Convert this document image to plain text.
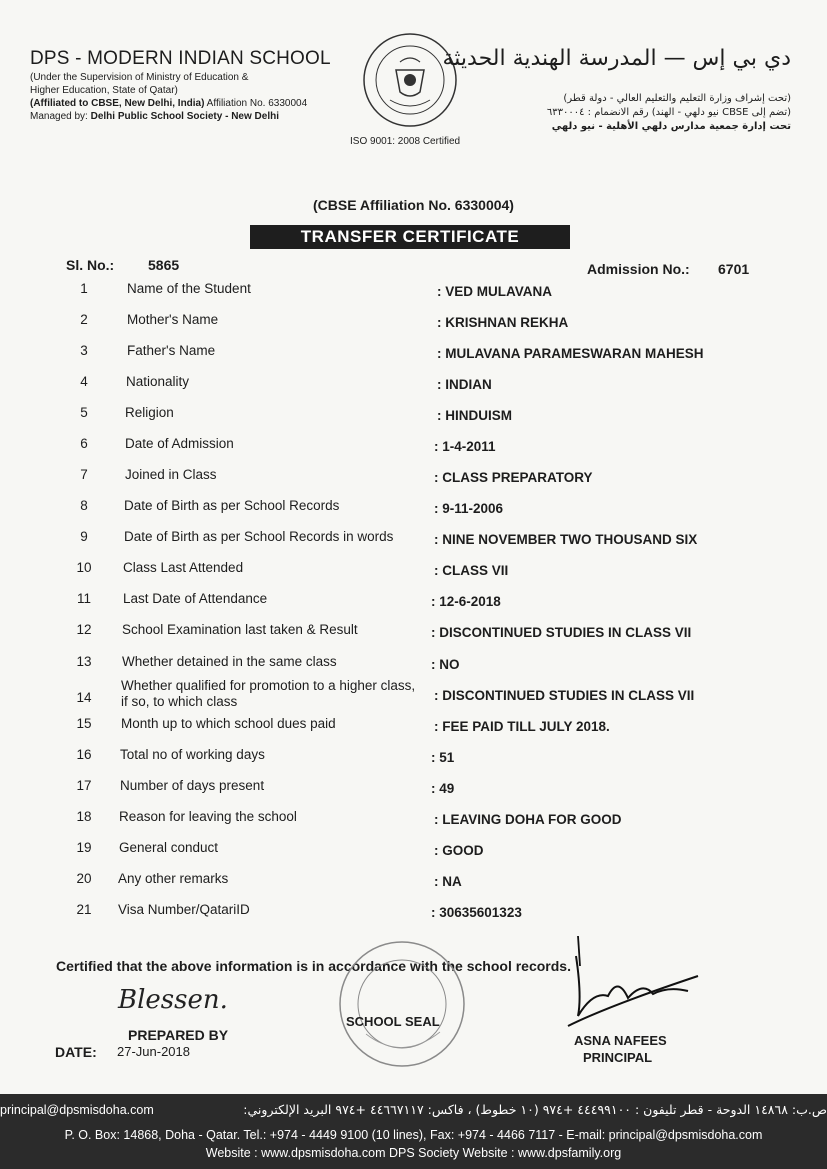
DPS - MODERN INDIAN SCHOOL
(Under the Supervision of Ministry of Education &
Higher Education, State of Qatar)
(Affiliated to CBSE, New Delhi, India) Affiliation No. 6330004
Managed by: Delhi Public School Society - New Delhi
ISO 9001: 2008 Certified
دي بي إس — المدرسة الهندية الحديثة
(تحت إشراف وزارة التعليم والتعليم العالي - دولة قطر)
(تضم إلى CBSE نيو دلهي - الهند) رقم الانضمام : ٦٣٣٠٠٠٤
تحت إدارة جمعية مدارس دلهي الأهلية - نيو دلهي
(CBSE Affiliation No. 6330004)
TRANSFER CERTIFICATE
Sl. No.: 5865	Admission No.: 6701
1	Name of the Student	: VED MULAVANA
2	Mother's Name	: KRISHNAN REKHA
3	Father's Name	: MULAVANA PARAMESWARAN MAHESH
4	Nationality	: INDIAN
5	Religion	: HINDUISM
6	Date of Admission	: 1-4-2011
7	Joined in Class	: CLASS PREPARATORY
8	Date of Birth as per School Records	: 9-11-2006
9	Date of Birth as per School Records in words	: NINE NOVEMBER TWO THOUSAND SIX
10	Class Last Attended	: CLASS VII
11	Last Date of Attendance	: 12-6-2018
12	School Examination last taken & Result	: DISCONTINUED STUDIES IN CLASS VII
13	Whether detained in the same class	: NO
14
Whether qualified for promotion to a higher class,
if so, to which class	: DISCONTINUED STUDIES IN CLASS VII
15	Month up to which school dues paid	: FEE PAID TILL JULY 2018.
16	Total no of working days	: 51
17	Number of days present	: 49
18	Reason for leaving the school	: LEAVING DOHA FOR GOOD
19	General conduct	: GOOD
20	Any other remarks	: NA
21	Visa Number/QatariID	: 30635601323
Certified that the above information is in accordance with the school records.
Blessen.
PREPARED BY
DATE: 27-Jun-2018
SCHOOL SEAL
ASNA NAFEES
PRINCIPAL
principal@dpsmisdoha.com	ص.ب: ١٤٨٦٨ الدوحة - قطر تليفون : ٤٤٤٩٩١٠٠ +٩٧٤ (١٠ خطوط) ، فاكس: ٤٤٦٦٧١١٧ +٩٧٤ البريد الإلكتروني:
P. O. Box: 14868, Doha - Qatar. Tel.: +974 - 4449 9100 (10 lines), Fax: +974 - 4466 7117 - E-mail: principal@dpsmisdoha.com
Website : www.dpsmisdoha.com DPS Society Website : www.dpsfamily.org
